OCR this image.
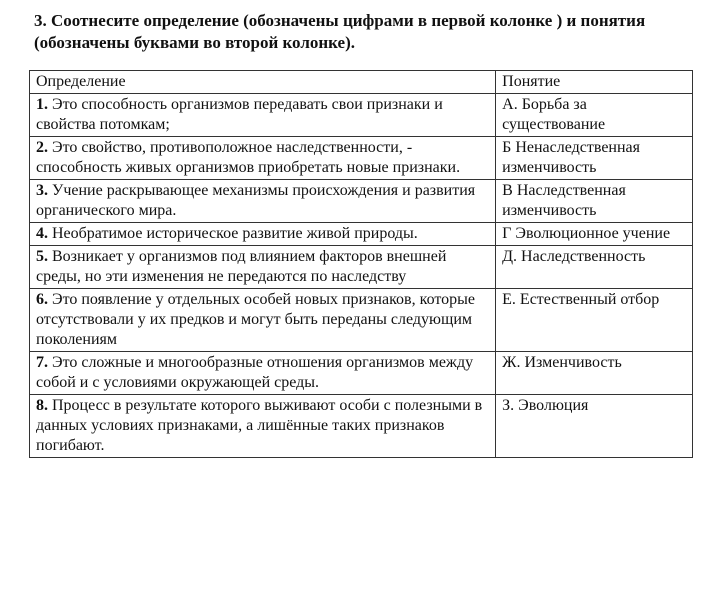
3. Соотнесите определение (обозначены цифрами в первой колонке ) и понятия (обозначены буквами во второй колонке).
Определение	Понятие
1. Это способность организмов передавать свои признаки и свойства потомкам;	А. Борьба за существование
2. Это свойство, противоположное наследственности, - способность живых организмов приобретать новые признаки.	Б Ненаследственная изменчивость
3. Учение раскрывающее механизмы происхождения и развития органического мира.	В Наследственная изменчивость
4. Необратимое историческое развитие живой природы.	Г Эволюционное учение
5. Возникает у организмов под влиянием факторов внешней среды, но эти изменения не передаются по наследству	Д. Наследственность
6. Это появление у отдельных особей новых признаков, которые отсутствовали у их предков и могут быть переданы следующим поколениям	Е. Естественный отбор
7. Это сложные и многообразные отношения организмов между собой и с условиями окружающей среды.	Ж. Изменчивость
8. Процесс в результате которого выживают особи с полезными в данных условиях признаками, а лишённые таких признаков погибают.	З. Эволюция
